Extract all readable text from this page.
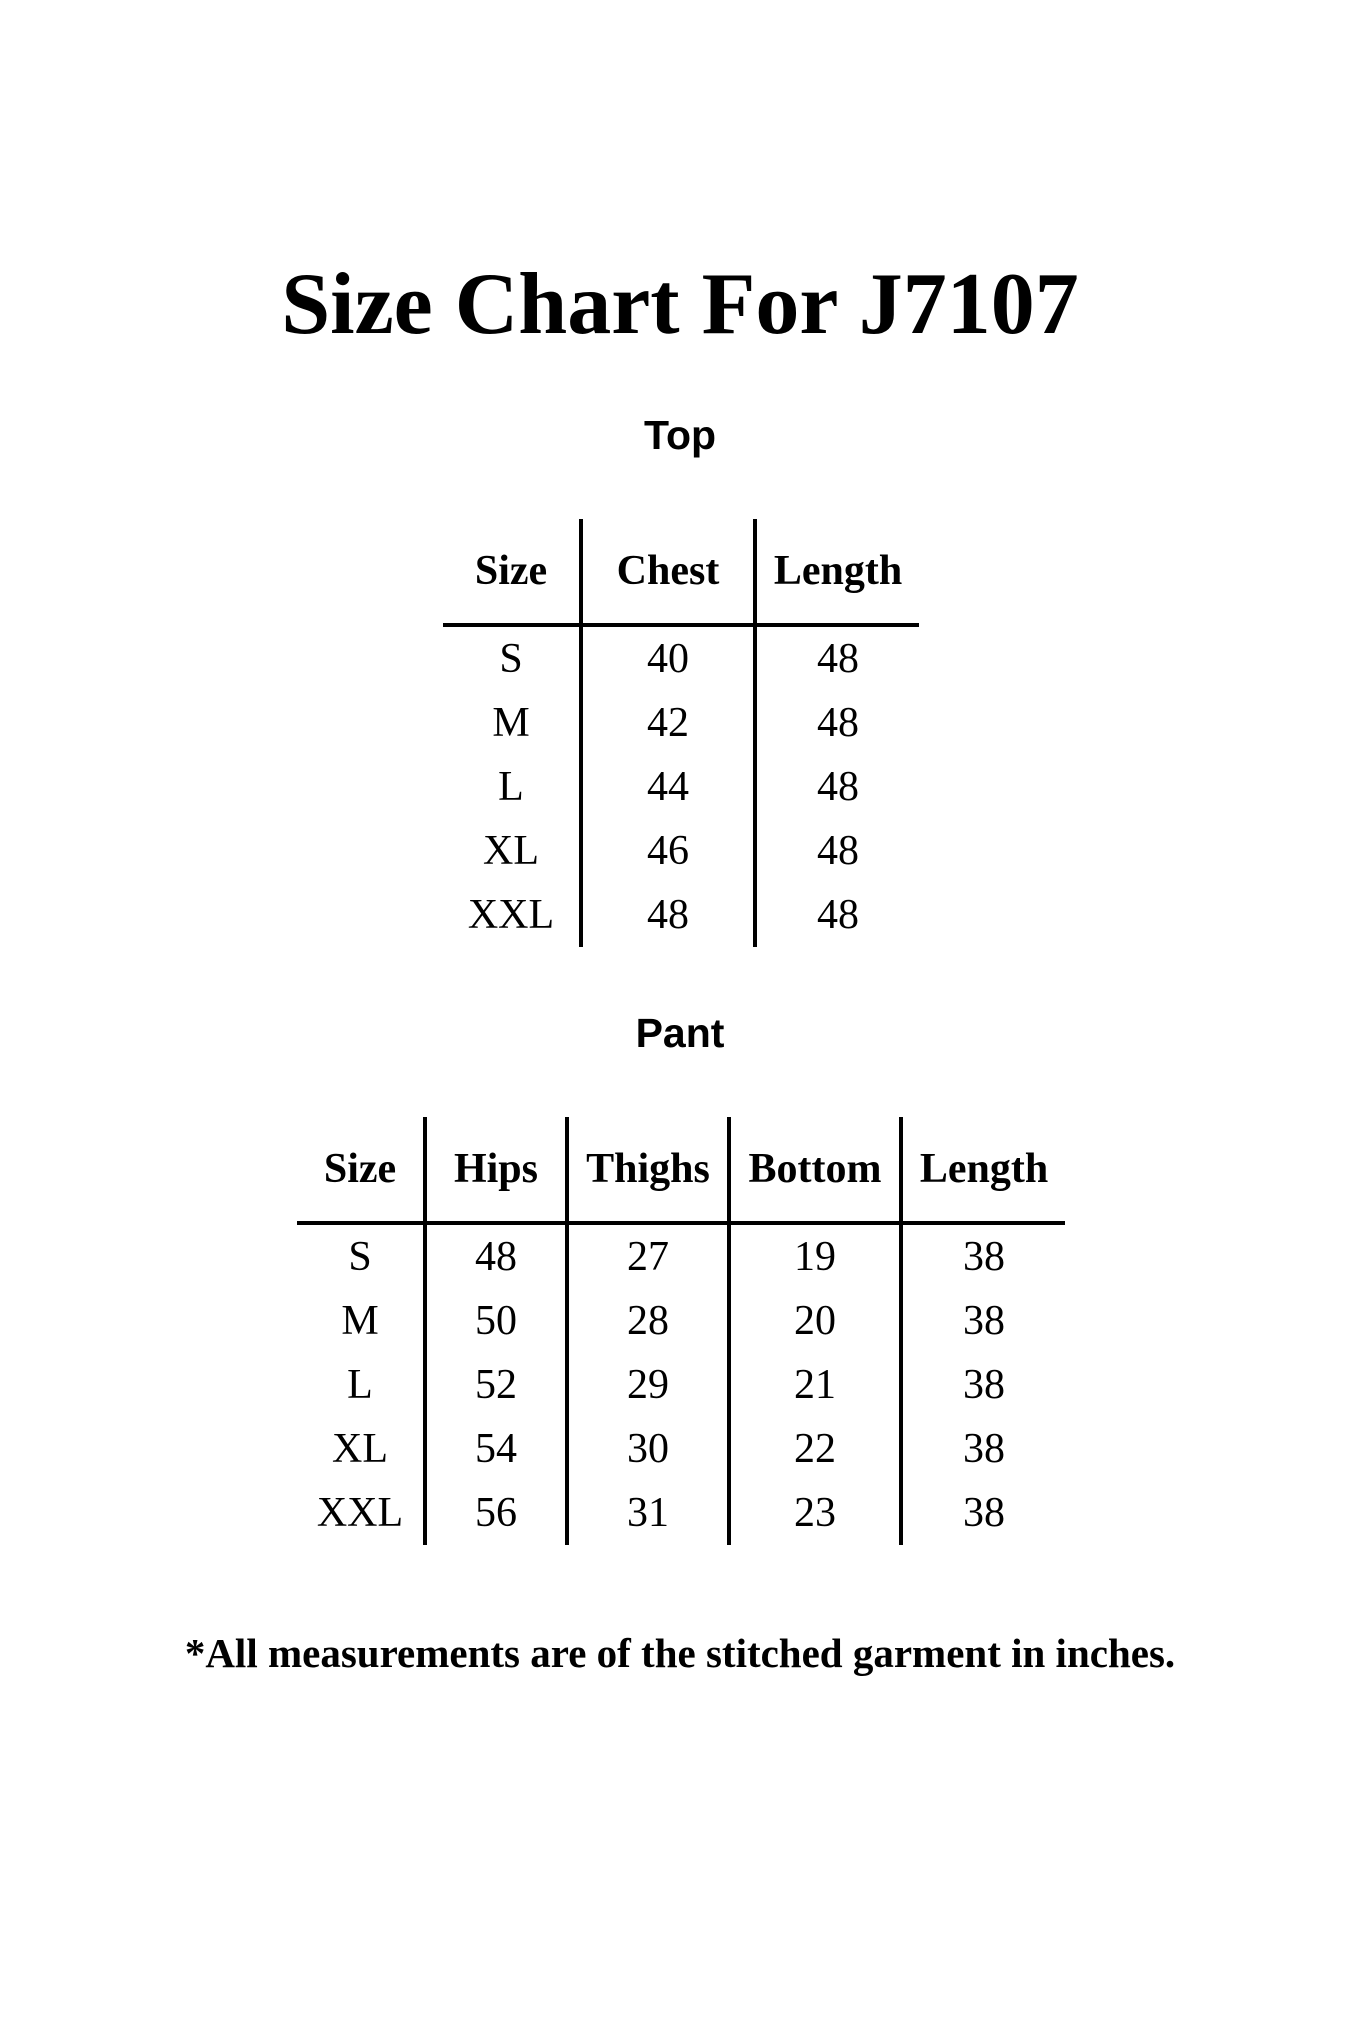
Size Chart For J7107
Top
Size	Chest	Length
S	40	48
M	42	48
L	44	48
XL	46	48
XXL	48	48
Pant
Size	Hips	Thighs	Bottom	Length
S	48	27	19	38
M	50	28	20	38
L	52	29	21	38
XL	54	30	22	38
XXL	56	31	23	38

*All measurements are of the stitched garment in inches.
